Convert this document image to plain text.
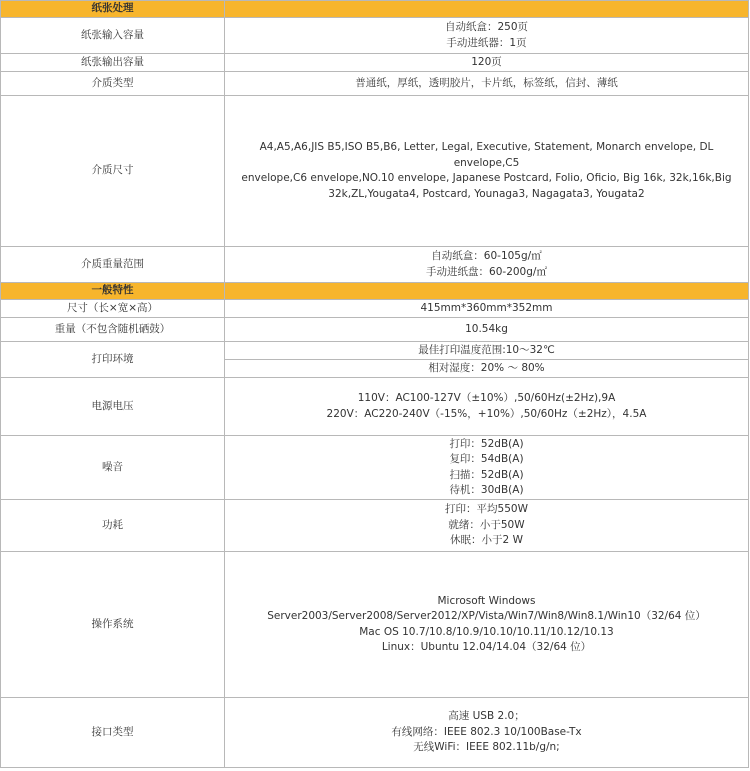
纸张处理	
纸张输入容量	自动纸盒：250页
手动进纸器：1页

纸张输出容量	120页
介质类型	普通纸，厚纸，透明胶片，卡片纸，标签纸，信封、薄纸
介质尺寸	A4,A5,A6,JIS B5,ISO B5,B6, Letter, Legal, Executive, Statement, Monarch envelope, DL envelope,C5
envelope,C6 envelope,NO.10 envelope, Japanese Postcard, Folio, Oficio, Big 16k, 32k,16k,Big
32k,ZL,Yougata4, Postcard, Younaga3, Nagagata3, Yougata2

介质重量范围	自动纸盒：60-105g/㎡
手动进纸盘：60-200g/㎡

一般特性	
尺寸（长×宽×高）	415mm*360mm*352mm
重量（不包含随机硒鼓）	10.54kg
打印环境	最佳打印温度范围:10～32℃
	相对湿度：20% ～ 80%
电源电压	110V：AC100-127V（±10%）,50/60Hz(±2Hz),9A
220V：AC220-240V（-15%，+10%）,50/60Hz（±2Hz），4.5A

噪音	打印：52dB(A)
复印：54dB(A)
扫描：52dB(A)
待机：30dB(A)

功耗	打印：平均550W
就绪：小于50W
休眠：小于2 W

操作系统	Microsoft Windows
Server2003/Server2008/Server2012/XP/Vista/Win7/Win8/Win8.1/Win10（32/64 位）
Mac OS 10.7/10.8/10.9/10.10/10.11/10.12/10.13
Linux：Ubuntu 12.04/14.04（32/64 位）

接口类型	高速 USB 2.0；
有线网络：IEEE 802.3 10/100Base-Tx
无线WiFi：IEEE 802.11b/g/n;
